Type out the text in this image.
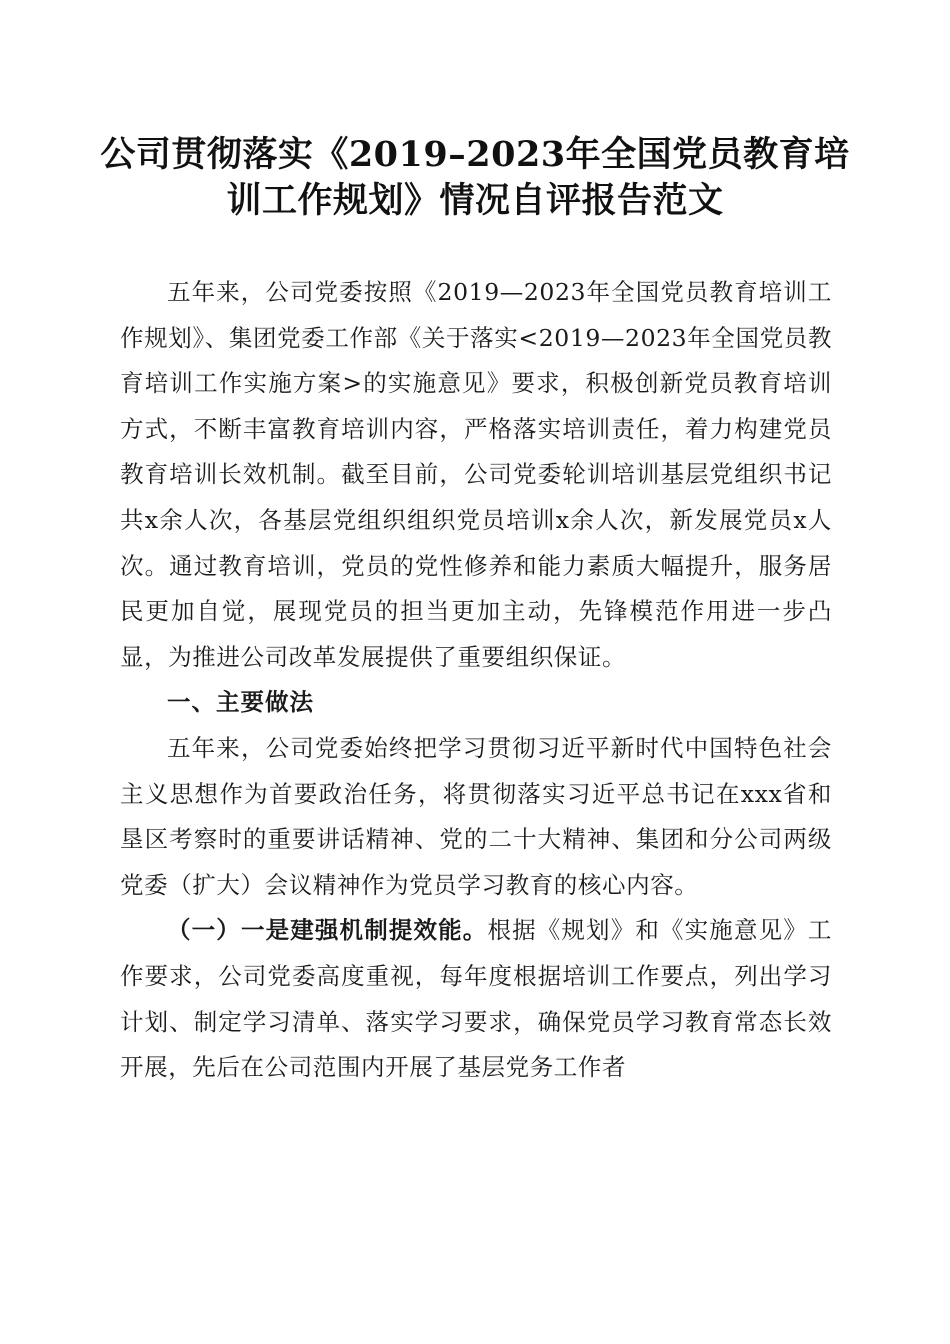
公司贯彻落实《2019–2023年全国党员教育培
训工作规划》情况自评报告范文

五年来，公司党委按照《2019—2023年全国党员教育培训工作规划》、集团党委工作部《关于落实<2019—2023年全国党员教育培训工作实施方案>的实施意见》要求，积极创新党员教育培训方式，不断丰富教育培训内容，严格落实培训责任，着力构建党员教育培训长效机制。截至目前，公司党委轮训培训基层党组织书记共x余人次，各基层党组织组织党员培训x余人次，新发展党员x人次。通过教育培训，党员的党性修养和能力素质大幅提升，服务居民更加自觉，展现党员的担当更加主动，先锋模范作用进一步凸显，为推进公司改革发展提供了重要组织保证。

一、主要做法

五年来，公司党委始终把学习贯彻习近平新时代中国特色社会主义思想作为首要政治任务，将贯彻落实习近平总书记在xxx省和垦区考察时的重要讲话精神、党的二十大精神、集团和分公司两级党委（扩大）会议精神作为党员学习教育的核心内容。

（一）一是建强机制提效能。根据《规划》和《实施意见》工作要求，公司党委高度重视，每年度根据培训工作要点，列出学习计划、制定学习清单、落实学习要求，确保党员学习教育常态长效开展，先后在公司范围内开展了基层党务工作者
